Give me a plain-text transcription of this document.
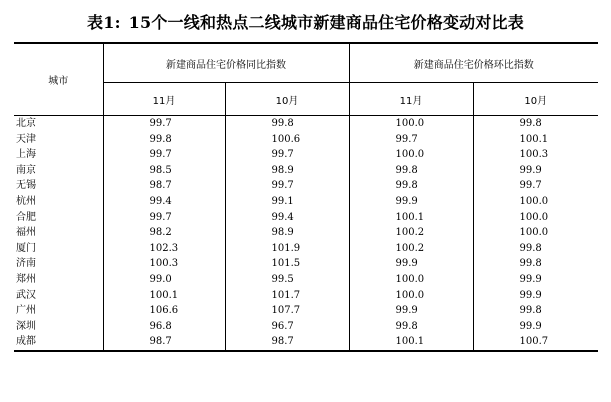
表1: 15个一线和热点二线城市新建商品住宅价格变动对比表
城市	新建商品住宅价格同比指数		新建商品住宅价格环比指数	
	11月	10月	11月	10月
北京	99.7	99.8	100.0	99.8
天津	99.8	100.6	99.7	100.1
上海	99.7	99.7	100.0	100.3
南京	98.5	98.9	99.8	99.9
无锡	98.7	99.7	99.8	99.7
杭州	99.4	99.1	99.9	100.0
合肥	99.7	99.4	100.1	100.0
福州	98.2	98.9	100.2	100.0
厦门	102.3	101.9	100.2	99.8
济南	100.3	101.5	99.9	99.8
郑州	99.0	99.5	100.0	99.9
武汉	100.1	101.7	100.0	99.9
广州	106.6	107.7	99.9	99.8
深圳	96.8	96.7	99.8	99.9
成都	98.7	98.7	100.1	100.7
